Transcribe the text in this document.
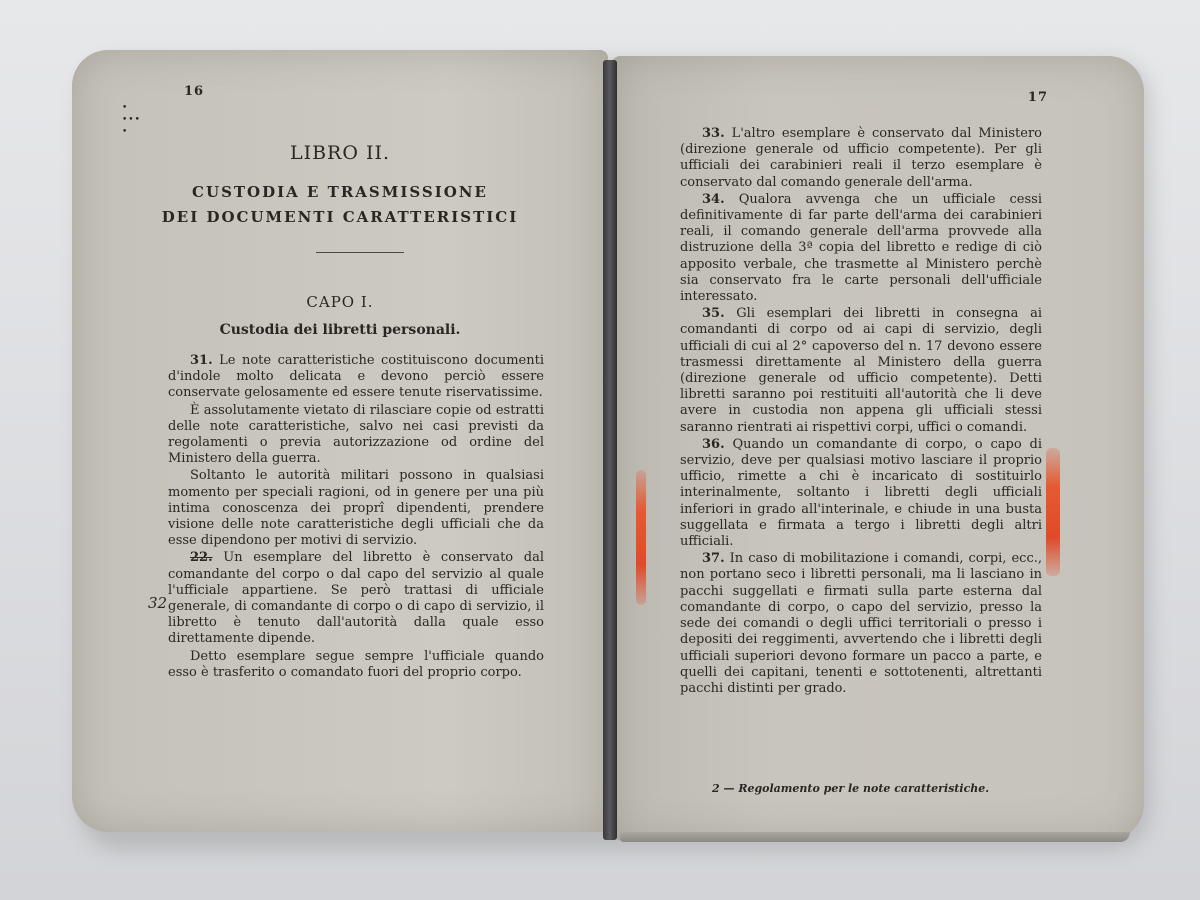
•
•••
•
16
LIBRO II.
CUSTODIA E TRASMISSIONE
DEI DOCUMENTI CARATTERISTICI
CAPO I.
Custodia dei libretti personali.
32

31. Le note caratteristiche costituiscono documenti d'indole molto delicata e devono perciò essere conservate gelosamente ed essere tenute riservatissime.

È assolutamente vietato di rilasciare copie od estratti delle note caratteristiche, salvo nei casi previsti da regolamenti o previa autorizzazione od ordine del Ministero della guerra.

Soltanto le autorità militari possono in qualsiasi momento per speciali ragioni, od in genere per una più intima conoscenza dei proprî dipendenti, prendere visione delle note caratteristiche degli ufficiali che da esse dipendono per motivi di servizio.

22. Un esemplare del libretto è conservato dal comandante del corpo o dal capo del servizio al quale l'ufficiale appartiene. Se però trattasi di ufficiale generale, di comandante di corpo o di capo di servizio, il libretto è tenuto dall'autorità dalla quale esso direttamente dipende.

Detto esemplare segue sempre l'ufficiale quando esso è trasferito o comandato fuori del proprio corpo.

17

33. L'altro esemplare è conservato dal Ministero (direzione generale od ufficio competente). Per gli ufficiali dei carabinieri reali il terzo esemplare è conservato dal comando generale dell'arma.

34. Qualora avvenga che un ufficiale cessi definitivamente di far parte dell'arma dei carabinieri reali, il comando generale dell'arma provvede alla distruzione della 3ª copia del libretto e redige di ciò apposito verbale, che trasmette al Ministero perchè sia conservato fra le carte personali dell'ufficiale interessato.

35. Gli esemplari dei libretti in consegna ai comandanti di corpo od ai capi di servizio, degli ufficiali di cui al 2° capoverso del n. 17 devono essere trasmessi direttamente al Ministero della guerra (direzione generale od ufficio competente). Detti libretti saranno poi restituiti all'autorità che li deve avere in custodia non appena gli ufficiali stessi saranno rientrati ai rispettivi corpi, uffici o comandi.

36. Quando un comandante di corpo, o capo di servizio, deve per qualsiasi motivo lasciare il proprio ufficio, rimette a chi è incaricato di sostituirlo interinalmente, soltanto i libretti degli ufficiali inferiori in grado all'interinale, e chiude in una busta suggellata e firmata a tergo i libretti degli altri ufficiali.

37. In caso di mobilitazione i comandi, corpi, ecc., non portano seco i libretti personali, ma li lasciano in pacchi suggellati e firmati sulla parte esterna dal comandante di corpo, o capo del servizio, presso la sede dei comandi o degli uffici territoriali o presso i depositi dei reggimenti, avvertendo che i libretti degli ufficiali superiori devono formare un pacco a parte, e quelli dei capitani, tenenti e sottotenenti, altrettanti pacchi distinti per grado.

2 — Regolamento per le note caratteristiche.
